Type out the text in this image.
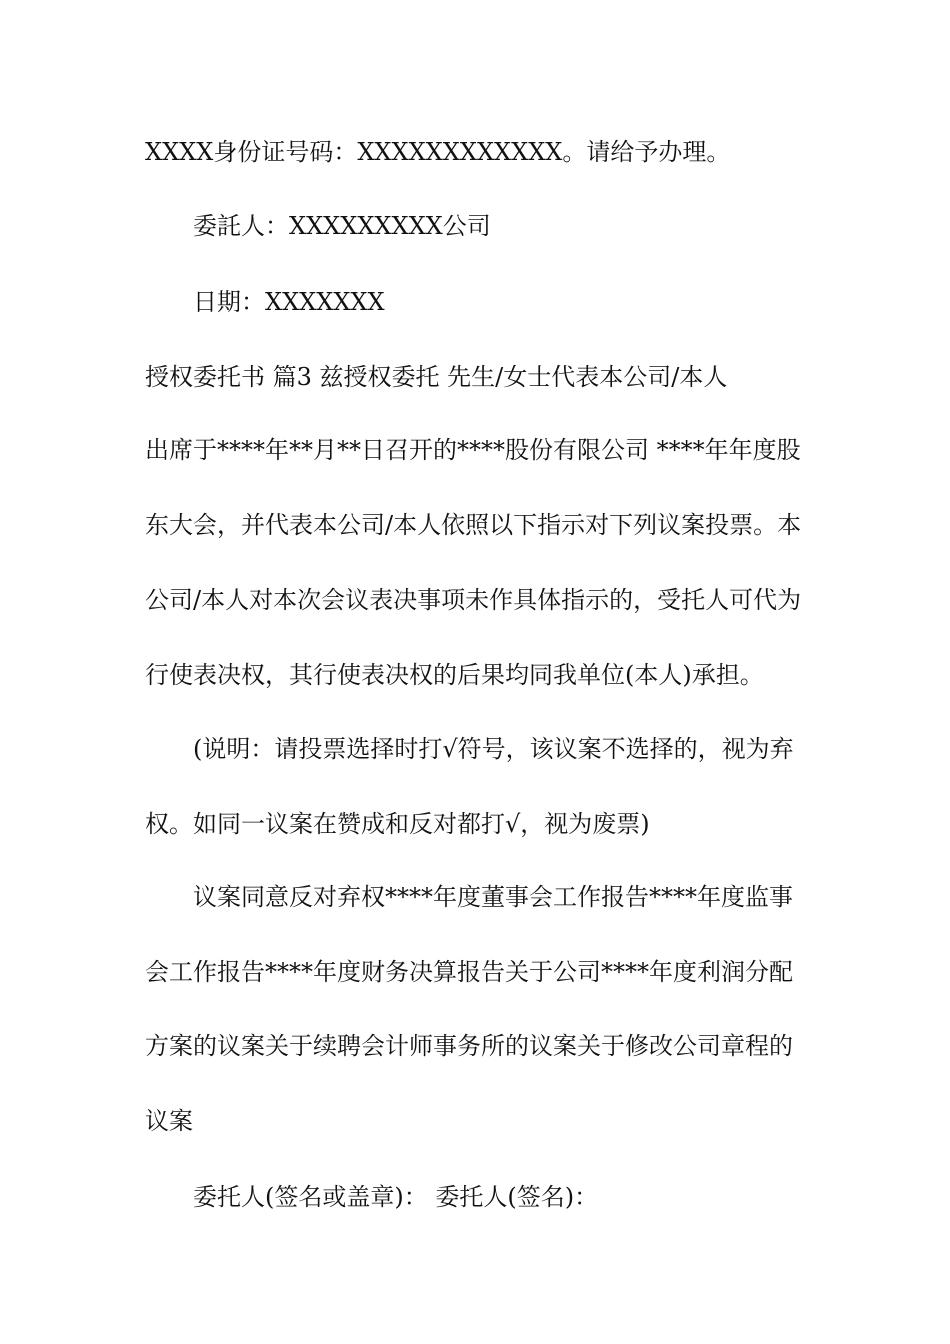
XXXX身份证号码：XXXXXXXXXXXX。请给予办理。
委託人：XXXXXXXXX公司
日期：XXXXXXX
授权委托书 篇3 兹授权委托 先生/女士代表本公司/本人
出席于****年**月**日召开的****股份有限公司 ****年年度股
东大会，并代表本公司/本人依照以下指示对下列议案投票。本
公司/本人对本次会议表决事项未作具体指示的，受托人可代为
行使表决权，其行使表决权的后果均同我单位(本人)承担。
(说明：请投票选择时打√符号，该议案不选择的，视为弃
权。如同一议案在赞成和反对都打√，视为废票)
议案同意反对弃权****年度董事会工作报告****年度监事
会工作报告****年度财务决算报告关于公司****年度利润分配
方案的议案关于续聘会计师事务所的议案关于修改公司章程的
议案
委托人(签名或盖章)： 委托人(签名)：
